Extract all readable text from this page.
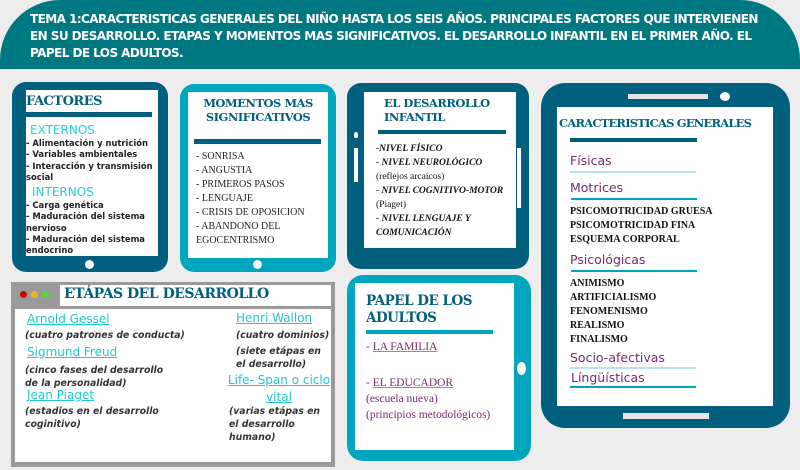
TEMA 1:CARACTERISTICAS GENERALES DEL NIÑO HASTA LOS SEIS AÑOS. PRINCIPALES FACTORES QUE INTERVIENEN EN SU DESARROLLO. ETAPAS Y MOMENTOS MAS SIGNIFICATIVOS. EL DESARROLLO INFANTIL EN EL PRIMER AÑO. EL PAPEL DE LOS ADULTOS.
FACTORES
EXTERNOS
- Alimentación y nutrición
- Variables ambientales
- Interacción y transmisión social
INTERNOS
- Carga genética
- Maduración del sistema nervioso
- Maduración del sistema endocrino
MOMENTOS MAS SIGNIFICATIVOS
- SONRISA
- ANGUSTIA
- PRIMEROS PASOS
- LENGUAJE
- CRISIS DE OPOSICION
- ABANDONO DEL EGOCENTRISMO
EL DESARROLLO INFANTIL
-NIVEL FÍSICO
- NIVEL NEUROLÓGICO
(reflejos arcaicos)
- NIVEL COGNITIVO-MOTOR
(Piaget)
- NIVEL LENGUAJE Y COMUNICACIÓN
CARACTERISTICAS GENERALES
Físicas
Motrices
PSICOMOTRICIDAD GRUESA
PSICOMOTRICIDAD FINA
ESQUEMA CORPORAL
Psicológicas
ANIMISMO
ARTIFICIALISMO
FENOMENISMO
REALISMO
FINALISMO
Socio-afectivas
Língüísticas
ETÁPAS DEL DESARROLLO
Arnold Gessel
(cuatro patrones de conducta)
Sigmund Freud
(cinco fases del desarrollo de la personalidad)
Jean Piaget
(estadios en el desarrollo coginitivo)
Henri Wallon
(cuatro dominios)
(siete etápas en el desarrollo)
Life- Span o ciclo vital
(varias etápas en el desarrollo humano)
PAPEL DE LOS ADULTOS
- LA FAMILIA
- EL EDUCADOR
(escuela nueva)
(principios metodológicos)
